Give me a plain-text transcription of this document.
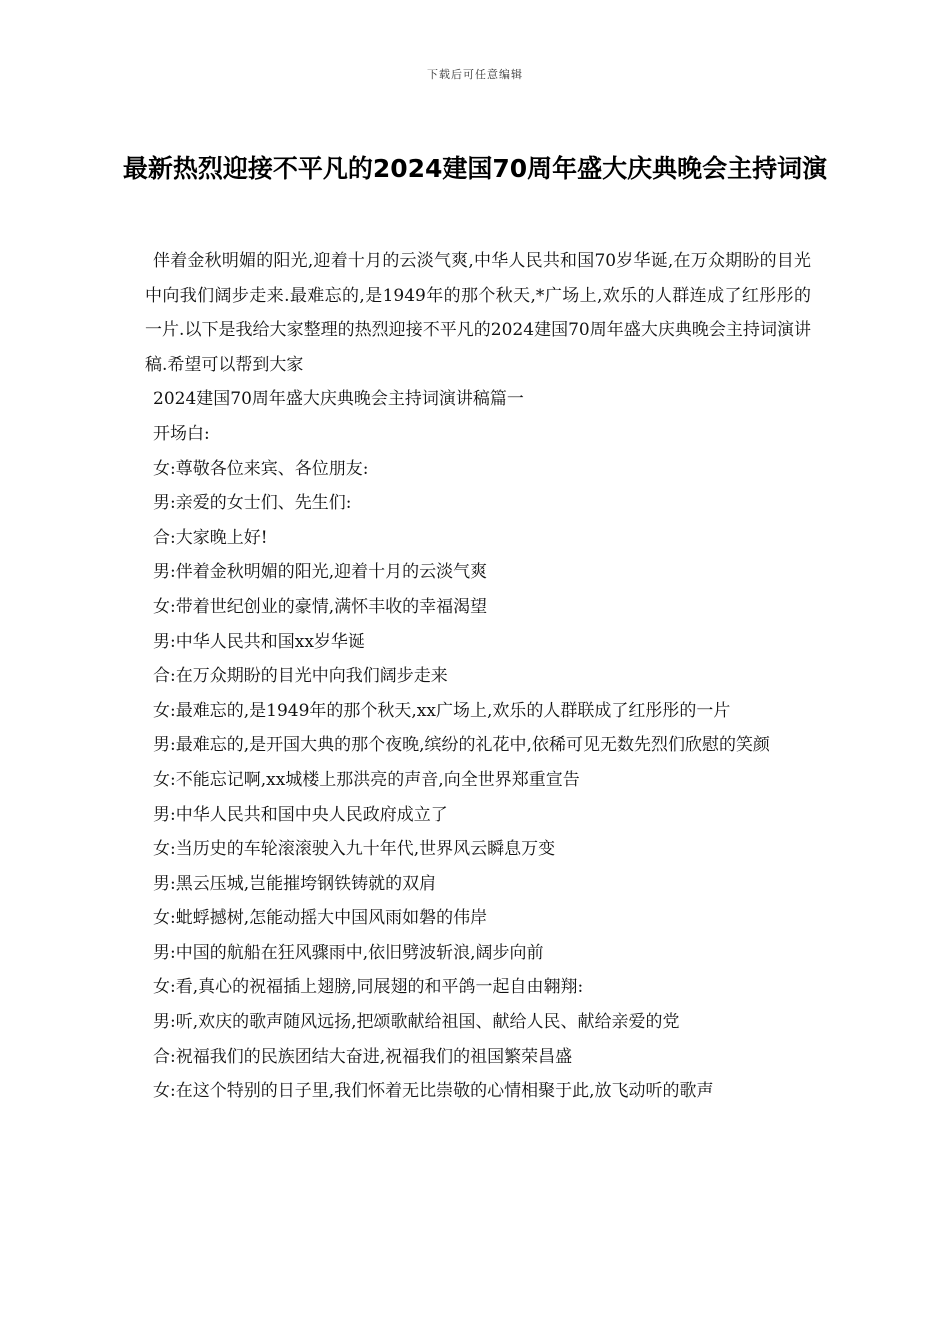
下载后可任意编辑
最新热烈迎接不平凡的2024建国70周年盛大庆典晚会主持词演

伴着金秋明媚的阳光,迎着十月的云淡气爽,中华人民共和国70岁华诞,在万众期盼的目光中向我们阔步走来.最难忘的,是1949年的那个秋天,*广场上,欢乐的人群连成了红彤彤的一片.以下是我给大家整理的热烈迎接不平凡的2024建国70周年盛大庆典晚会主持词演讲稿.希望可以帮到大家

2024建国70周年盛大庆典晚会主持词演讲稿篇一

开场白:

女:尊敬各位来宾、各位朋友:

男:亲爱的女士们、先生们:

合:大家晚上好!

男:伴着金秋明媚的阳光,迎着十月的云淡气爽

女:带着世纪创业的豪情,满怀丰收的幸福渴望

男:中华人民共和国xx岁华诞

合:在万众期盼的目光中向我们阔步走来

女:最难忘的,是1949年的那个秋天,xx广场上,欢乐的人群联成了红彤彤的一片

男:最难忘的,是开国大典的那个夜晚,缤纷的礼花中,依稀可见无数先烈们欣慰的笑颜

女:不能忘记啊,xx城楼上那洪亮的声音,向全世界郑重宣告

男:中华人民共和国中央人民政府成立了

女:当历史的车轮滚滚驶入九十年代,世界风云瞬息万变

男:黑云压城,岂能摧垮钢铁铸就的双肩

女:蚍蜉撼树,怎能动摇大中国风雨如磐的伟岸

男:中国的航船在狂风骤雨中,依旧劈波斩浪,阔步向前

女:看,真心的祝福插上翅膀,同展翅的和平鸽一起自由翱翔:

男:听,欢庆的歌声随风远扬,把颂歌献给祖国、献给人民、献给亲爱的党

合:祝福我们的民族团结大奋进,祝福我们的祖国繁荣昌盛

女:在这个特别的日子里,我们怀着无比崇敬的心情相聚于此,放飞动听的歌声
